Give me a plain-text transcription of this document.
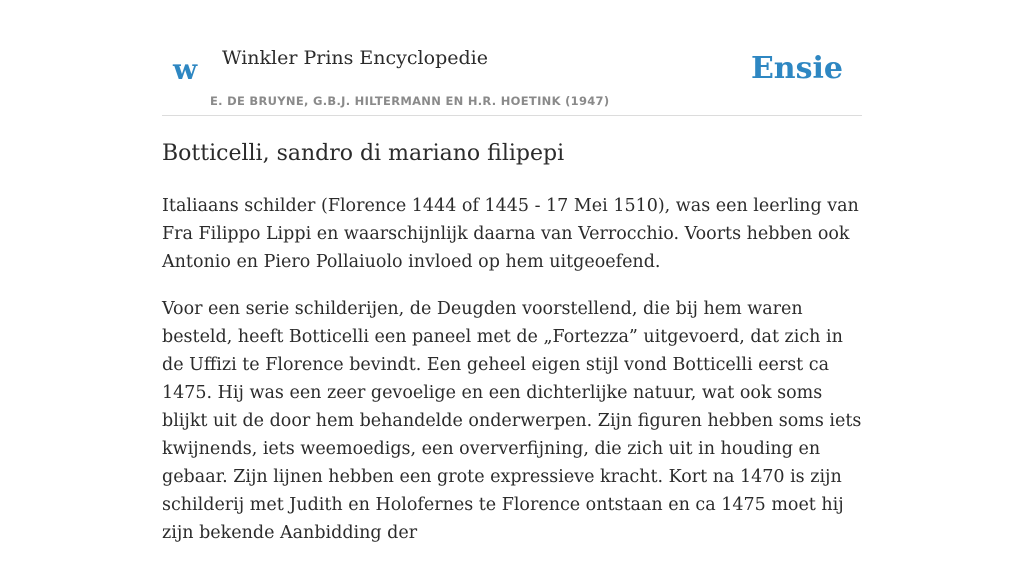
w Winkler Prins Encyclopedie
E. DE BRUYNE, G.B.J. HILTERMANN EN H.R. HOETINK (1947)
Ensie
Botticelli, sandro di mariano filipepi

Italiaans schilder (Florence 1444 of 1445 - 17 Mei 1510), was een leerling van Fra Filippo Lippi en waarschijnlijk daarna van Verrocchio. Voorts hebben ook Antonio en Piero Pollaiuolo invloed op hem uitgeoefend.

Voor een serie schilderijen, de Deugden voorstellend, die bij hem waren besteld, heeft Botticelli een paneel met de „Fortezza” uitgevoerd, dat zich in de Uffizi te Florence bevindt. Een geheel eigen stijl vond Botticelli eerst ca 1475. Hij was een zeer gevoelige en een dichterlijke natuur, wat ook soms blijkt uit de door hem behandelde onderwerpen. Zijn figuren hebben soms iets kwijnends, iets weemoedigs, een oververfijning, die zich uit in houding en gebaar. Zijn lijnen hebben een grote expressieve kracht. Kort na 1470 is zijn schilderij met Judith en Holofernes te Florence ontstaan en ca 1475 moet hij zijn bekende Aanbidding der
